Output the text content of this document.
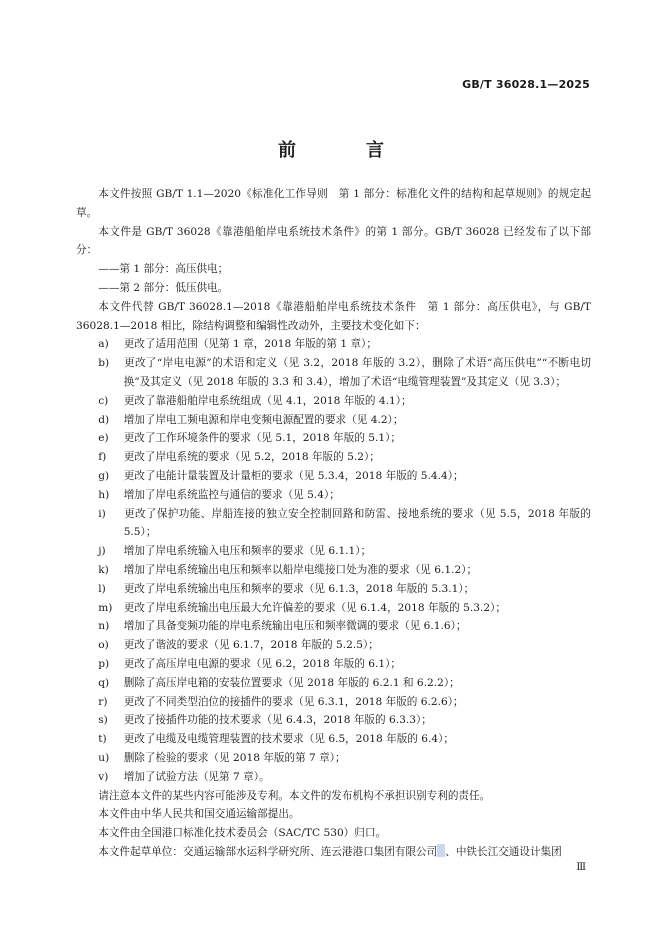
GB/T 36028.1—2025
前　言

本文件按照 GB/T 1.1—2020《标准化工作导则　第 1 部分：标准化文件的结构和起草规则》的规定起草。

本文件是 GB/T 36028《靠港船舶岸电系统技术条件》的第 1 部分。GB/T 36028 已经发布了以下部分：

——第 1 部分：高压供电；

——第 2 部分：低压供电。

本文件代替 GB/T 36028.1—2018《靠港船舶岸电系统技术条件　第 1 部分：高压供电》，与 GB/T 36028.1—2018 相比，除结构调整和编辑性改动外，主要技术变化如下：

a) 更改了适用范围（见第 1 章，2018 年版的第 1 章）；

b) 更改了“岸电电源”的术语和定义（见 3.2，2018 年版的 3.2），删除了术语“高压供电”“不断电切换”及其定义（见 2018 年版的 3.3 和 3.4），增加了术语“电缆管理装置”及其定义（见 3.3）；

c) 更改了靠港船舶岸电系统组成（见 4.1，2018 年版的 4.1）；

d) 增加了岸电工频电源和岸电变频电源配置的要求（见 4.2）；

e) 更改了工作环境条件的要求（见 5.1，2018 年版的 5.1）；

f) 更改了岸电系统的要求（见 5.2，2018 年版的 5.2）；

g) 更改了电能计量装置及计量柜的要求（见 5.3.4，2018 年版的 5.4.4）；

h) 增加了岸电系统监控与通信的要求（见 5.4）；

i) 更改了保护功能、岸船连接的独立安全控制回路和防雷、接地系统的要求（见 5.5，2018 年版的 5.5）；

j) 增加了岸电系统输入电压和频率的要求（见 6.1.1）；

k) 增加了岸电系统输出电压和频率以船岸电缆接口处为准的要求（见 6.1.2）；

l) 更改了岸电系统输出电压和频率的要求（见 6.1.3，2018 年版的 5.3.1）；

m) 更改了岸电系统输出电压最大允许偏差的要求（见 6.1.4，2018 年版的 5.3.2）；

n) 增加了具备变频功能的岸电系统输出电压和频率微调的要求（见 6.1.6）；

o) 更改了谐波的要求（见 6.1.7，2018 年版的 5.2.5）；

p) 更改了高压岸电电源的要求（见 6.2，2018 年版的 6.1）；

q) 删除了高压岸电箱的安装位置要求（见 2018 年版的 6.2.1 和 6.2.2）；

r) 更改了不同类型泊位的接插件的要求（见 6.3.1，2018 年版的 6.2.6）；

s) 更改了接插件功能的技术要求（见 6.4.3，2018 年版的 6.3.3）；

t) 更改了电缆及电缆管理装置的技术要求（见 6.5，2018 年版的 6.4）；

u) 删除了检验的要求（见 2018 年版的第 7 章）；

v) 增加了试验方法（见第 7 章）。

请注意本文件的某些内容可能涉及专利。本文件的发布机构不承担识别专利的责任。

本文件由中华人民共和国交通运输部提出。

本文件由全国港口标准化技术委员会（SAC/TC 530）归口。

本文件起草单位：交通运输部水运科学研究所、连云港港口集团有限公司 、中铁长江交通设计集团

Ⅲ
